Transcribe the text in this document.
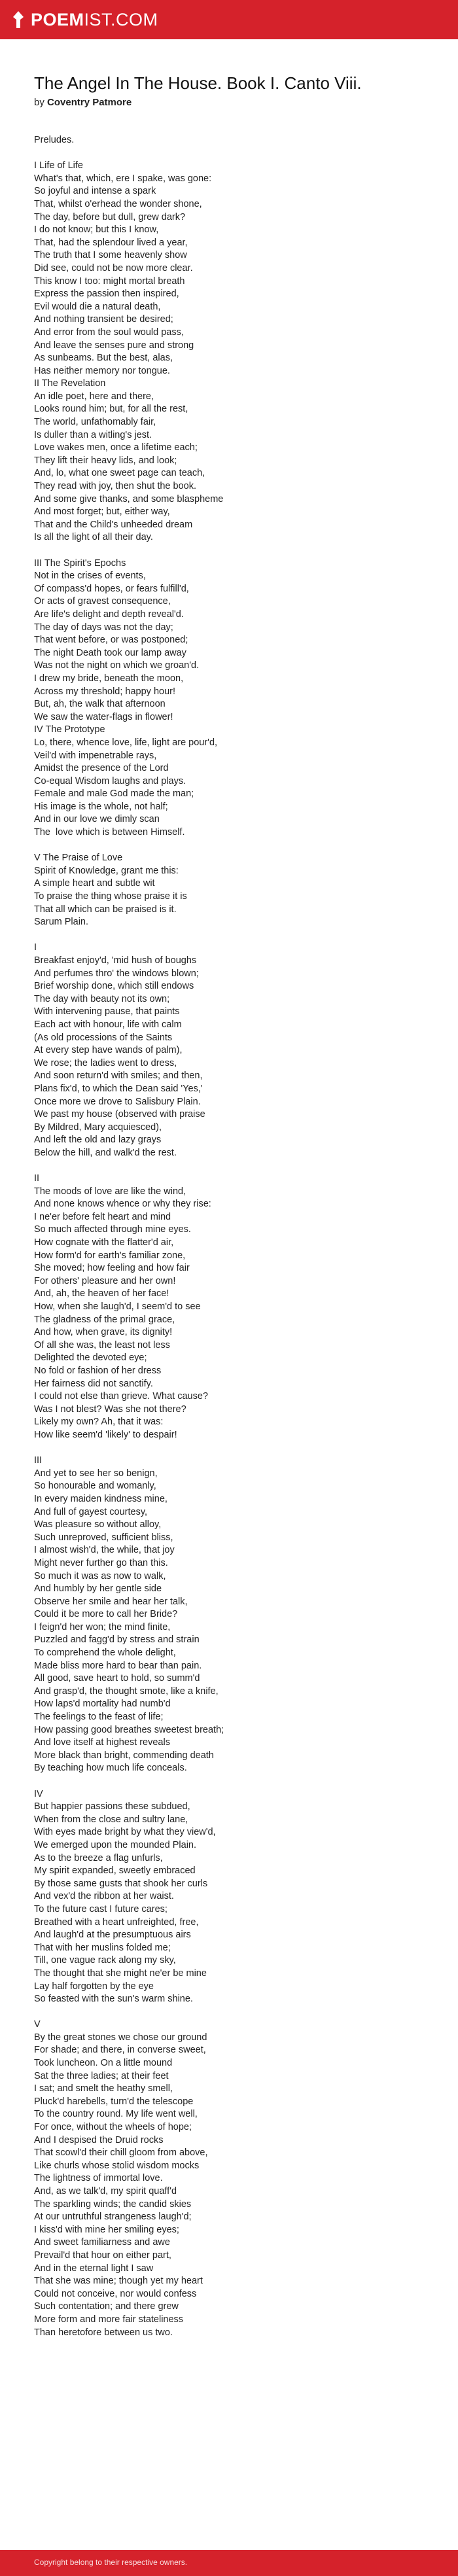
POEMIST.COM
The Angel In The House. Book I. Canto Viii.
by Coventry Patmore
Preludes.

I Life of Life
What's that, which, ere I spake, was gone:
So joyful and intense a spark
That, whilst o'erhead the wonder shone,
The day, before but dull, grew dark?
I do not know; but this I know,
That, had the splendour lived a year,
The truth that I some heavenly show
Did see, could not be now more clear.
This know I too: might mortal breath
Express the passion then inspired,
Evil would die a natural death,
And nothing transient be desired;
And error from the soul would pass,
And leave the senses pure and strong
As sunbeams. But the best, alas,
Has neither memory nor tongue.
II The Revelation
An idle poet, here and there,
Looks round him; but, for all the rest,
The world, unfathomably fair,
Is duller than a witling's jest.
Love wakes men, once a lifetime each;
They lift their heavy lids, and look;
And, lo, what one sweet page can teach,
They read with joy, then shut the book.
And some give thanks, and some blaspheme
And most forget; but, either way,
That and the Child's unheeded dream
Is all the light of all their day.

III The Spirit's Epochs
Not in the crises of events,
Of compass'd hopes, or fears fulfill'd,
Or acts of gravest consequence,
Are life's delight and depth reveal'd.
The day of days was not the day;
That went before, or was postponed;
The night Death took our lamp away
Was not the night on which we groan'd.
I drew my bride, beneath the moon,
Across my threshold; happy hour!
But, ah, the walk that afternoon
We saw the water-flags in flower!
IV The Prototype
Lo, there, whence love, life, light are pour'd,
Veil'd with impenetrable rays,
Amidst the presence of the Lord
Co-equal Wisdom laughs and plays.
Female and male God made the man;
His image is the whole, not half;
And in our love we dimly scan
The  love which is between Himself.

V The Praise of Love
Spirit of Knowledge, grant me this:
A simple heart and subtle wit
To praise the thing whose praise it is
That all which can be praised is it.
Sarum Plain.

I
Breakfast enjoy'd, 'mid hush of boughs
And perfumes thro' the windows blown;
Brief worship done, which still endows
The day with beauty not its own;
With intervening pause, that paints
Each act with honour, life with calm
(As old processions of the Saints
At every step have wands of palm),
We rose; the ladies went to dress,
And soon return'd with smiles; and then,
Plans fix'd, to which the Dean said 'Yes,'
Once more we drove to Salisbury Plain.
We past my house (observed with praise
By Mildred, Mary acquiesced),
And left the old and lazy grays
Below the hill, and walk'd the rest.

II
The moods of love are like the wind,
And none knows whence or why they rise:
I ne'er before felt heart and mind
So much affected through mine eyes.
How cognate with the flatter'd air,
How form'd for earth's familiar zone,
She moved; how feeling and how fair
For others' pleasure and her own!
And, ah, the heaven of her face!
How, when she laugh'd, I seem'd to see
The gladness of the primal grace,
And how, when grave, its dignity!
Of all she was, the least not less
Delighted the devoted eye;
No fold or fashion of her dress
Her fairness did not sanctify.
I could not else than grieve. What cause?
Was I not blest? Was she not there?
Likely my own? Ah, that it was:
How like seem'd 'likely' to despair!

III
And yet to see her so benign,
So honourable and womanly,
In every maiden kindness mine,
And full of gayest courtesy,
Was pleasure so without alloy,
Such unreproved, sufficient bliss,
I almost wish'd, the while, that joy
Might never further go than this.
So much it was as now to walk,
And humbly by her gentle side
Observe her smile and hear her talk,
Could it be more to call her Bride?
I feign'd her won; the mind finite,
Puzzled and fagg'd by stress and strain
To comprehend the whole delight,
Made bliss more hard to bear than pain.
All good, save heart to hold, so summ'd
And grasp'd, the thought smote, like a knife,
How laps'd mortality had numb'd
The feelings to the feast of life;
How passing good breathes sweetest breath;
And love itself at highest reveals
More black than bright, commending death
By teaching how much life conceals.

IV
But happier passions these subdued,
When from the close and sultry lane,
With eyes made bright by what they view'd,
We emerged upon the mounded Plain.
As to the breeze a flag unfurls,
My spirit expanded, sweetly embraced
By those same gusts that shook her curls
And vex'd the ribbon at her waist.
To the future cast I future cares;
Breathed with a heart unfreighted, free,
And laugh'd at the presumptuous airs
That with her muslins folded me;
Till, one vague rack along my sky,
The thought that she might ne'er be mine
Lay half forgotten by the eye
So feasted with the sun's warm shine.

V
By the great stones we chose our ground
For shade; and there, in converse sweet,
Took luncheon. On a little mound
Sat the three ladies; at their feet
I sat; and smelt the heathy smell,
Pluck'd harebells, turn'd the telescope
To the country round. My life went well,
For once, without the wheels of hope;
And I despised the Druid rocks
That scowl'd their chill gloom from above,
Like churls whose stolid wisdom mocks
The lightness of immortal love.
And, as we talk'd, my spirit quaff'd
The sparkling winds; the candid skies
At our untruthful strangeness laugh'd;
I kiss'd with mine her smiling eyes;
And sweet familiarness and awe
Prevail'd that hour on either part,
And in the eternal light I saw
That she was mine; though yet my heart
Could not conceive, nor would confess
Such contentation; and there grew
More form and more fair stateliness
Than heretofore between us two.
Copyright belong to their respective owners.
